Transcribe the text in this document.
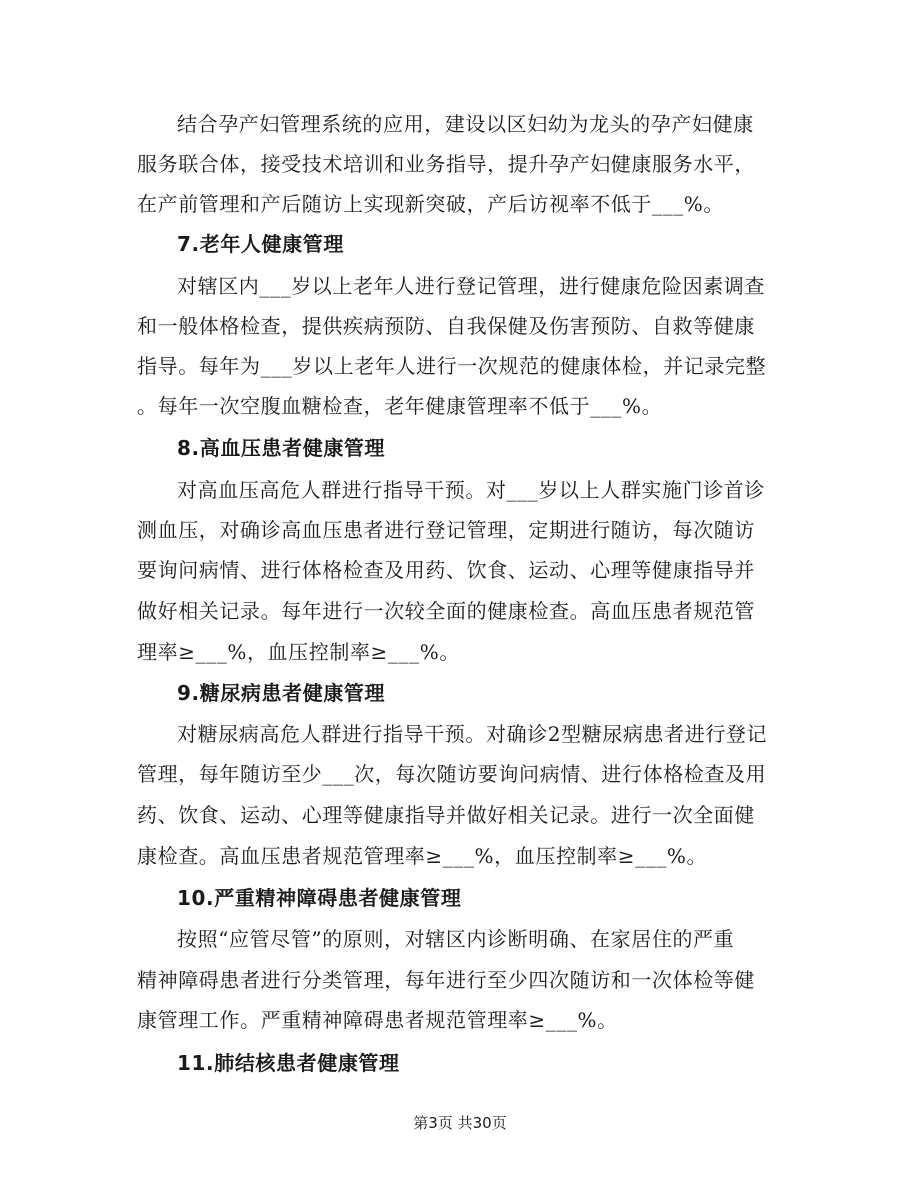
结合孕产妇管理系统的应用，建设以区妇幼为龙头的孕产妇健康
服务联合体，接受技术培训和业务指导，提升孕产妇健康服务水平，
在产前管理和产后随访上实现新突破，产后访视率不低于___%。
7.老年人健康管理
对辖区内___岁以上老年人进行登记管理，进行健康危险因素调查
和一般体格检查，提供疾病预防、自我保健及伤害预防、自救等健康
指导。每年为___岁以上老年人进行一次规范的健康体检，并记录完整
。每年一次空腹血糖检查，老年健康管理率不低于___%。
8.高血压患者健康管理
对高血压高危人群进行指导干预。对___岁以上人群实施门诊首诊
测血压，对确诊高血压患者进行登记管理，定期进行随访，每次随访
要询问病情、进行体格检查及用药、饮食、运动、心理等健康指导并
做好相关记录。每年进行一次较全面的健康检查。高血压患者规范管
理率≥___%，血压控制率≥___%。
9.糖尿病患者健康管理
对糖尿病高危人群进行指导干预。对确诊2型糖尿病患者进行登记
管理，每年随访至少___次，每次随访要询问病情、进行体格检查及用
药、饮食、运动、心理等健康指导并做好相关记录。进行一次全面健
康检查。高血压患者规范管理率≥___%，血压控制率≥___%。
10.严重精神障碍患者健康管理
按照“应管尽管”的原则，对辖区内诊断明确、在家居住的严重
精神障碍患者进行分类管理，每年进行至少四次随访和一次体检等健
康管理工作。严重精神障碍患者规范管理率≥___%。
11.肺结核患者健康管理
第3页 共30页
